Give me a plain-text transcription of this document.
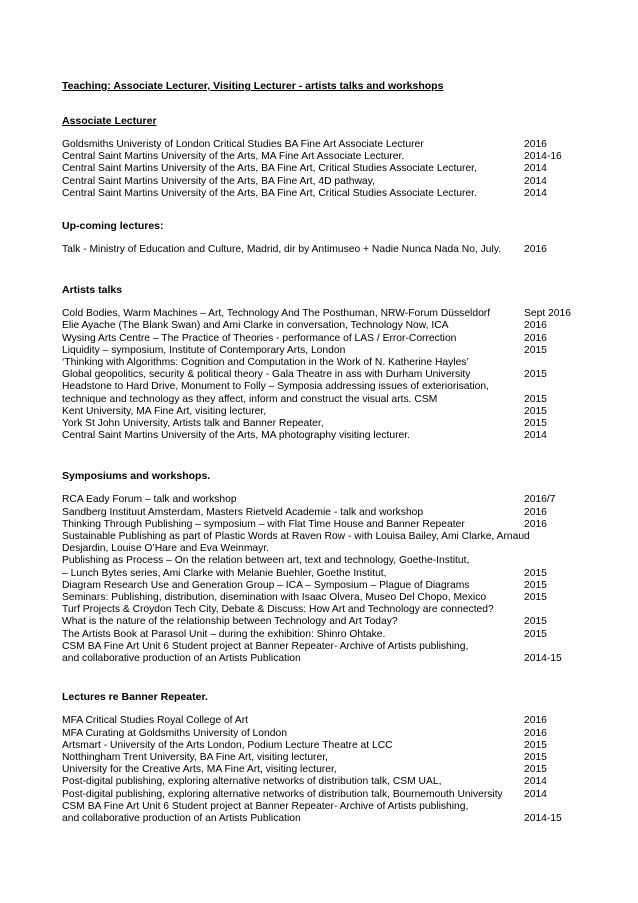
Teaching: Associate Lecturer, Visiting Lecturer - artists talks and workshops
Associate Lecturer
Goldsmiths Univeristy of London Critical Studies BA Fine Art Associate Lecturer	2016
Central Saint Martins University of the Arts, MA Fine Art Associate Lecturer.	2014-16
Central Saint Martins University of the Arts, BA Fine Art, Critical Studies Associate Lecturer,	2014
Central Saint Martins University of the Arts, BA Fine Art, 4D pathway,	2014
Central Saint Martins University of the Arts, BA Fine Art, Critical Studies Associate Lecturer.	2014
Up-coming lectures:
Talk - Ministry of Education and Culture, Madrid, dir by Antimuseo + Nadie Nunca Nada No, July.	2016
Artists talks
Cold Bodies, Warm Machines – Art, Technology And The Posthuman, NRW-Forum Düsseldorf	Sept 2016
Elie Ayache (The Blank Swan) and Ami Clarke in conversation, Technology Now, ICA	2016
Wysing Arts Centre – The Practice of Theories - performance of LAS / Error-Correction	2016
Liquidity – symposium, Institute of Contemporary Arts, London	2015
‘Thinking with Algorithms: Cognition and Computation in the Work of N. Katherine Hayles’
Global geopolitics, security & political theory - Gala Theatre in ass with Durham University	2015
Headstone to Hard Drive, Monument to Folly – Symposia addressing issues of exteriorisation,
technique and technology as they affect, inform and construct the visual arts. CSM	2015
Kent University, MA Fine Art, visiting lecturer,	2015
York St John University, Artists talk and Banner Repeater,	2015
Central Saint Martins University of the Arts, MA photography visiting lecturer.	2014
Symposiums and workshops.
RCA Eady Forum – talk and workshop	2016/7
Sandberg Instituut Amsterdam, Masters Rietveld Academie - talk and workshop	2016
Thinking Through Publishing – symposium – with Flat Time House and Banner Repeater	2016
Sustainable Publishing as part of Plastic Words at Raven Row - with Louisa Bailey, Ami Clarke, Arnaud
Desjardin, Louise O’Hare and Eva Weinmayr.
Publishing as Process – On the relation between art, text and technology, Goethe-Institut,
– Lunch Bytes series, Ami Clarke with Melanie Buehler, Goethe Institut,	2015
Diagram Research Use and Generation Group – ICA – Symposium – Plague of Diagrams	2015
Seminars: Publishing, distribution, disemination with Isaac Olvera, Museo Del Chopo, Mexico	2015
Turf Projects & Croydon Tech City, Debate & Discuss: How Art and Technology are connected?
What is the nature of the relationship between Technology and Art Today?	2015
The Artists Book at Parasol Unit – during the exhibition: Shinro Ohtake.	2015
CSM BA Fine Art Unit 6 Student project at Banner Repeater- Archive of Artists publishing,
and collaborative production of an Artists Publication	2014-15
Lectures re Banner Repeater.
MFA Critical Studies Royal College of Art	2016
MFA Curating at Goldsmiths University of London	2016
Artsmart - University of the Arts London, Podium Lecture Theatre at LCC	2015
Notthingham Trent University, BA Fine Art, visiting lecturer,	2015
University for the Creative Arts, MA Fine Art, visiting lecturer,	2015
Post-digital publishing, exploring alternative networks of distribution talk, CSM UAL,	2014
Post-digital publishing, exploring alternative networks of distribution talk, Bournemouth University	2014
CSM BA Fine Art Unit 6 Student project at Banner Repeater- Archive of Artists publishing,
and collaborative production of an Artists Publication	2014-15
